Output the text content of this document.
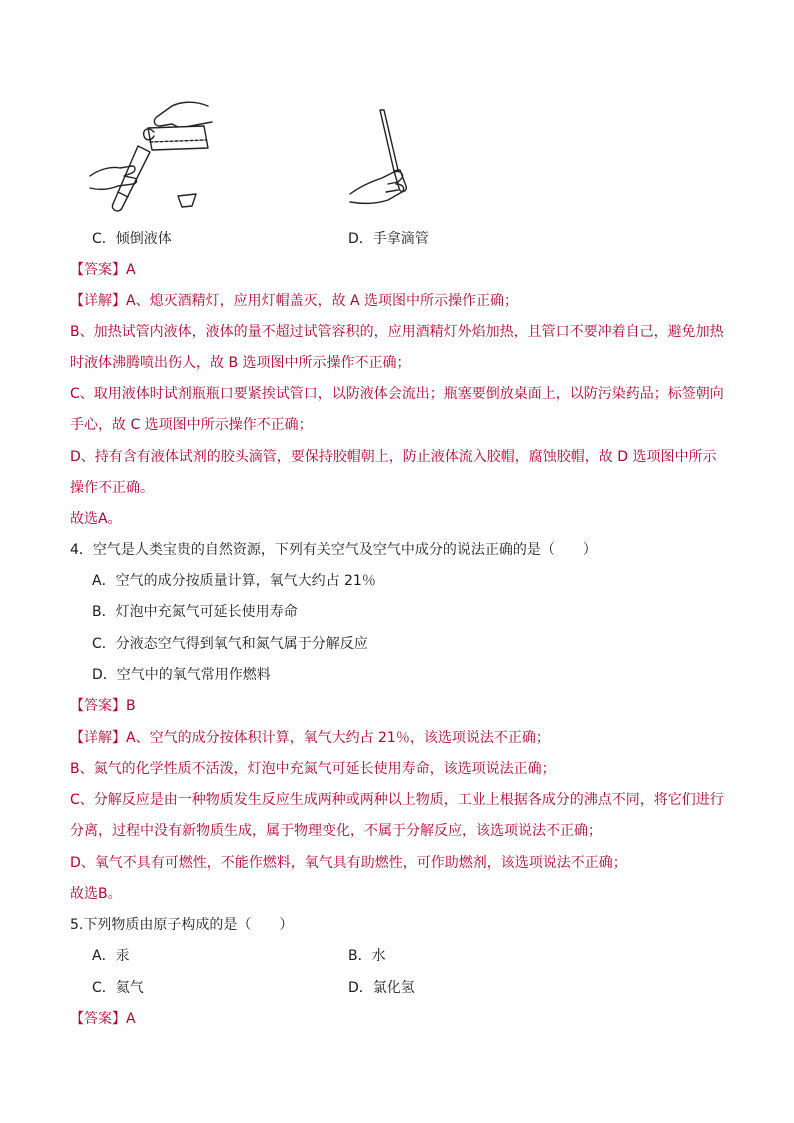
C．倾倒液体	D．手拿滴管
【答案】A
【详解】A、熄灭酒精灯，应用灯帽盖灭，故 A 选项图中所示操作正确；
B、加热试管内液体，液体的量不超过试管容积的，应用酒精灯外焰加热，且管口不要冲着自己，避免加热
时液体沸腾喷出伤人，故 B 选项图中所示操作不正确；
C、取用液体时试剂瓶瓶口要紧挨试管口，以防液体会流出；瓶塞要倒放桌面上，以防污染药品；标签朝向
手心，故 C 选项图中所示操作不正确；
D、持有含有液体试剂的胶头滴管，要保持胶帽朝上，防止液体流入胶帽，腐蚀胶帽，故 D 选项图中所示
操作不正确。
故选A。
4．空气是人类宝贵的自然资源，下列有关空气及空气中成分的说法正确的是（　　）
A．空气的成分按质量计算，氧气大约占 21％
B．灯泡中充氮气可延长使用寿命
C．分液态空气得到氧气和氮气属于分解反应
D．空气中的氧气常用作燃料
【答案】B
【详解】A、空气的成分按体积计算，氧气大约占 21％，该选项说法不正确；
B、氮气的化学性质不活泼，灯泡中充氮气可延长使用寿命，该选项说法正确；
C、分解反应是由一种物质发生反应生成两种或两种以上物质，工业上根据各成分的沸点不同，将它们进行
分离，过程中没有新物质生成，属于物理变化，不属于分解反应，该选项说法不正确；
D、氧气不具有可燃性，不能作燃料，氧气具有助燃性，可作助燃剂，该选项说法不正确；
故选B。
5.下列物质由原子构成的是（　　）
A．汞	B．水
C．氦气	D．氯化氢
【答案】A
